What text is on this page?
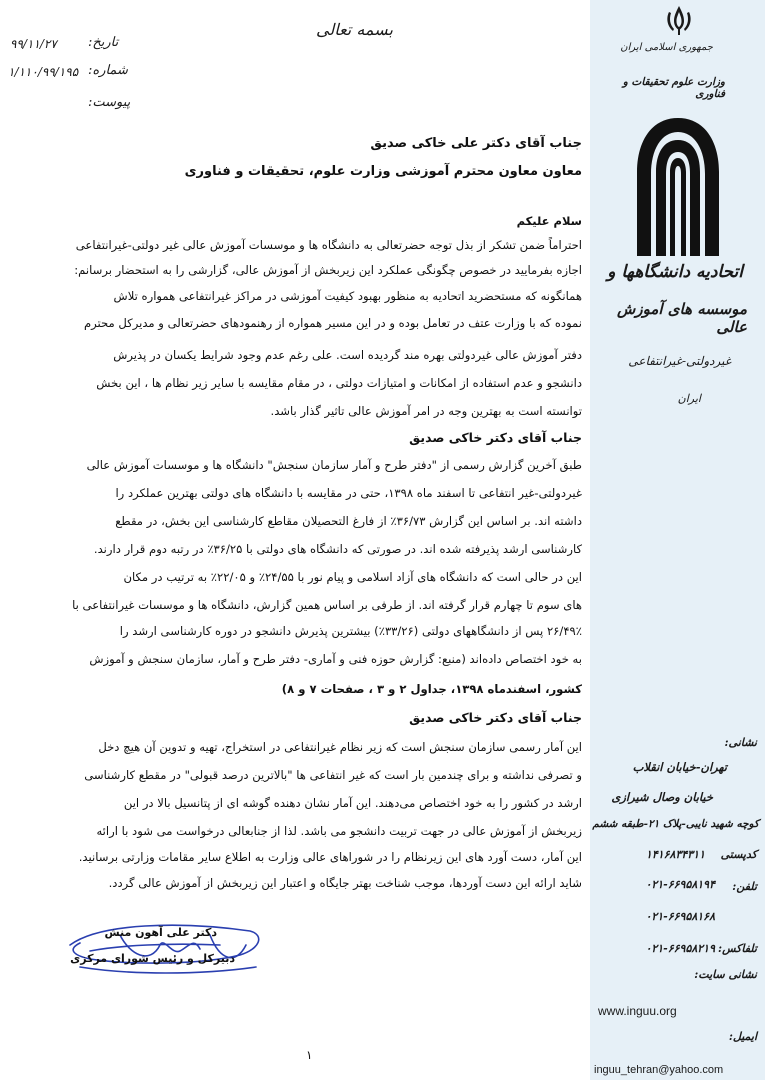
جمهوری اسلامی ایران
وزارت علوم تحقیقات و فناوری
اتحادیه دانشگاهها و
موسسه های آموزش عالی
غیردولتی-غیرانتفاعی
ایران
نشانی:
تهران-خیابان انقلاب
خیابان وصال شیرازی
کوچه شهید نایبی-پلاک ۲۱-طبقه ششم
کدپستی
۱۴۱۶۸۳۴۳۱۱
تلفن:
۰۲۱-۶۶۹۵۸۱۹۴
۰۲۱-۶۶۹۵۸۱۶۸
تلفاکس:
۰۲۱-۶۶۹۵۸۲۱۹
نشانی سایت:
www.inguu.org
ایمیل:
inguu_tehran@yahoo.com
بسمه تعالی
تاریخ:
۹۹/۱۱/۲۷
شماره:
۱/۱۱۰/۹۹/۱۹۵
پیوست:
جناب آقای دکتر علی خاکی صدیق
معاون معاون محترم آموزشی وزارت علوم، تحقیقات و فناوری
سلام علیکم
احتراماً ضمن تشکر از بذل توجه حضرتعالی به دانشگاه ها و موسسات آموزش عالی غیر دولتی-غیرانتفاعی
اجازه بفرمایید در خصوص چگونگی عملکرد این زیربخش از آموزش عالی، گزارشی را به استحضار برسانم:
همانگونه که مستحضرید اتحادیه به منظور بهبود کیفیت آموزشی در مراکز غیرانتفاعی همواره تلاش
نموده که با وزارت عتف در تعامل بوده و در این مسیر همواره از رهنمودهای حضرتعالی و مدیرکل محترم
دفتر آموزش عالی غیردولتی بهره مند گردیده است. علی رغم عدم وجود شرایط یکسان در پذیرش
دانشجو و عدم استفاده از امکانات و امتیازات دولتی ، در مقام مقایسه با سایر زیر نظام ها ، این بخش
توانسته است به بهترین وجه در امر آموزش عالی تاثیر گذار باشد.
جناب آقای دکتر خاکی صدیق
طبق آخرین گزارش رسمی از "دفتر طرح و آمار سازمان سنجش" دانشگاه ها و موسسات آموزش عالی
غیردولتی-غیر انتفاعی تا اسفند ماه ۱۳۹۸، حتی در مقایسه با دانشگاه های دولتی بهترین عملکرد را
داشته اند. بر اساس این گزارش ۳۶/۷۳٪ از فارغ التحصیلان مقاطع کارشناسی این بخش، در مقطع
کارشناسی ارشد پذیرفته شده اند. در صورتی که دانشگاه های دولتی با ۳۶/۲۵٪ در رتبه دوم قرار دارند.
این در حالی است که دانشگاه های آزاد اسلامی و پیام نور با ۲۴/۵۵٪ و ۲۲/۰۵٪ به ترتیب در مکان
های سوم تا چهارم قرار گرفته اند. از طرفی بر اساس همین گزارش، دانشگاه ها و موسسات غیرانتفاعی با
۲۶/۴۹٪ پس از دانشگاههای دولتی (۳۳/۲۶٪) بیشترین پذیرش دانشجو در دوره کارشناسی ارشد را
به خود اختصاص داده‌اند (منبع: گزارش حوزه فنی و آماری- دفتر طرح و آمار، سازمان سنجش و آموزش
کشور، اسفندماه ۱۳۹۸، جداول ۲ و ۳ ، صفحات ۷ و ۸)
جناب آقای دکتر خاکی صدیق
این آمار رسمی سازمان سنجش است که زیر نظام غیرانتفاعی در استخراج، تهیه و تدوین آن هیچ دخل
و تصرفی نداشته و برای چندمین بار است که غیر انتفاعی ها "بالاترین درصد قبولی" در مقطع کارشناسی
ارشد در کشور را به خود اختصاص می‌دهند. این آمار نشان دهنده گوشه ای از پتانسیل بالا در این
زیربخش از آموزش عالی در جهت تربیت دانشجو می باشد. لذا از جنابعالی درخواست می شود با ارائه
این آمار، دست آورد های این زیرنظام را در شوراهای عالی وزارت به اطلاع سایر مقامات وزارتی برسانید.
شاید ارائه این دست آوردها، موجب شناخت بهتر جایگاه و اعتبار این زیربخش از آموزش عالی گردد.
دکتر علی آهون منش
دبیرکل و رئیس شورای مرکزی
۱
